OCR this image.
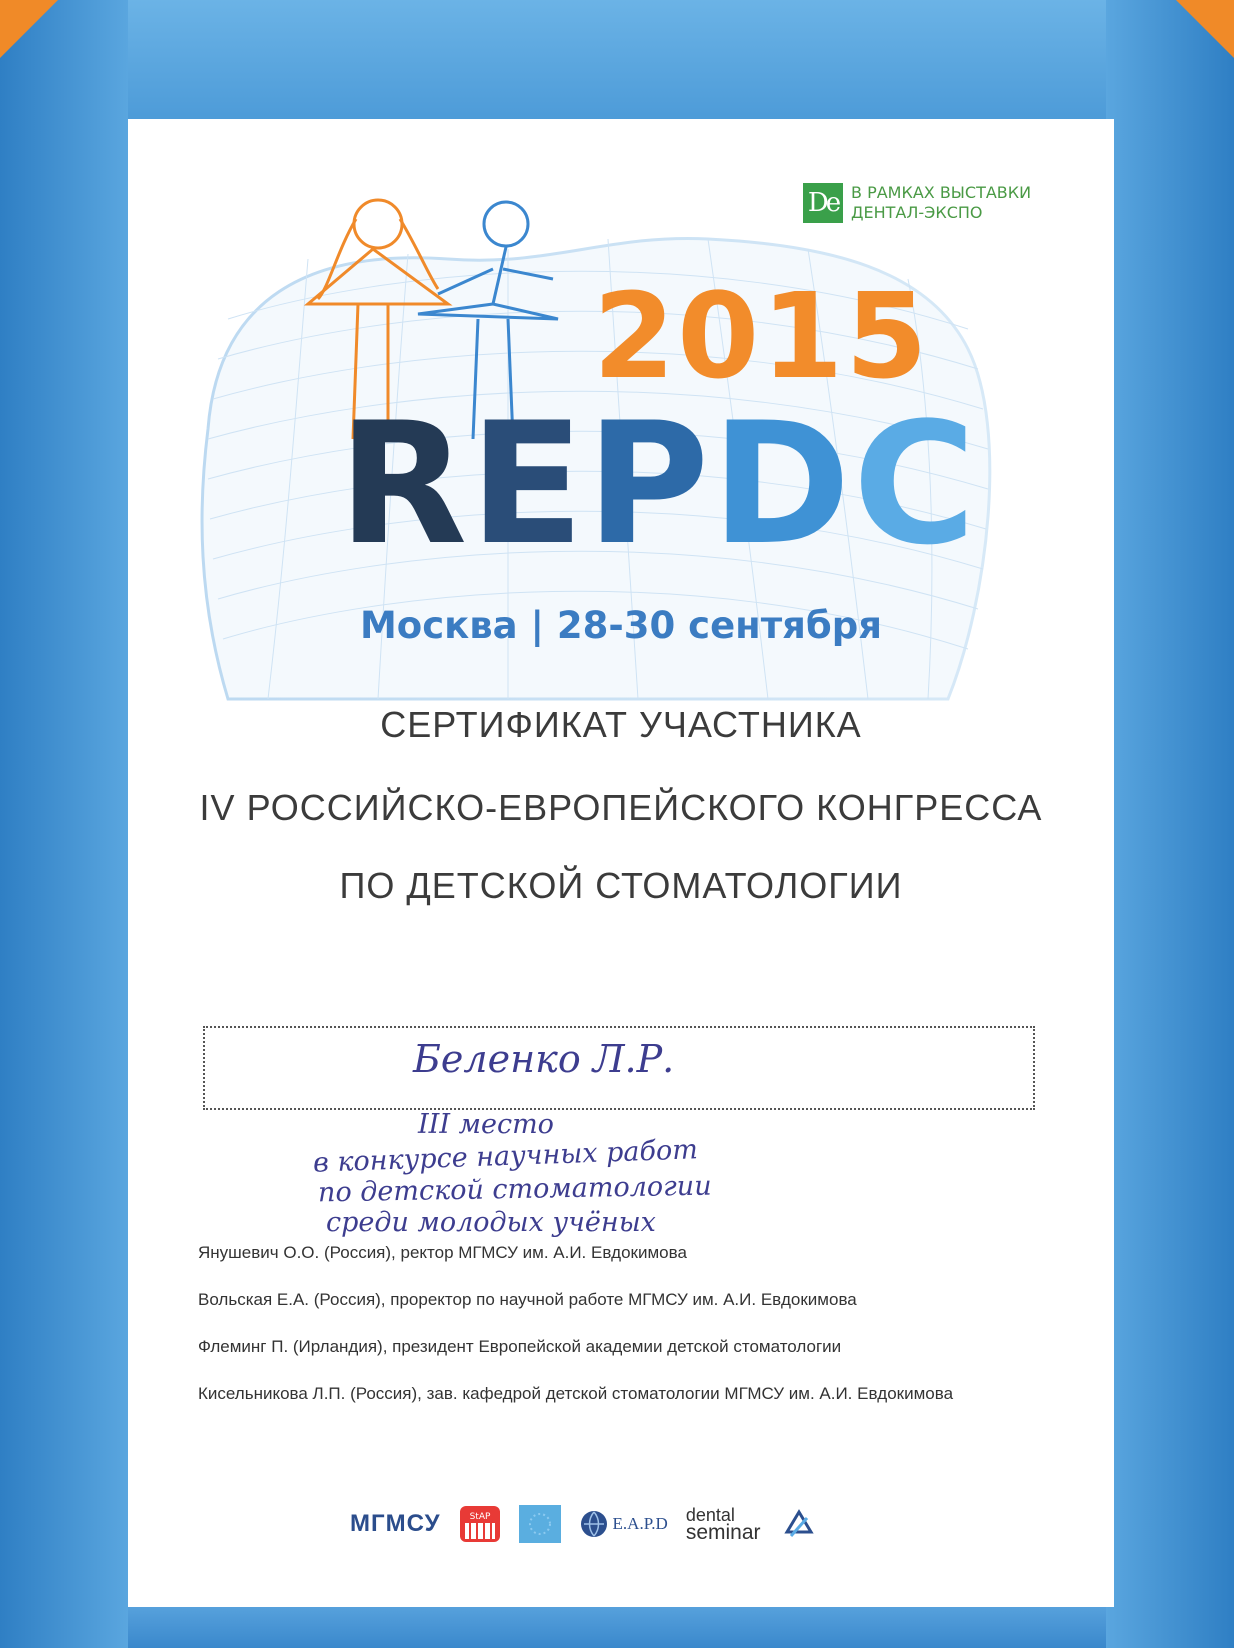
De В РАМКАХ ВЫСТАВКИ
ДЕНТАЛ-ЭКСПО
2015
REPDC
Москва | 28-30 сентября
СЕРТИФИКАТ УЧАСТНИКА
IV РОССИЙСКО-ЕВРОПЕЙСКОГО КОНГРЕССА
ПО ДЕТСКОЙ СТОМАТОЛОГИИ
Беленко Л.Р.
III место
в конкурсе научных работ
по детской стоматологии
среди молодых учёных
Янушевич О.О. (Россия), ректор МГМСУ им. А.И. Евдокимова
Вольская Е.А. (Россия), проректор по научной работе МГМСУ им. А.И. Евдокимова
Флеминг П. (Ирландия), президент Европейской академии детской стоматологии
Кисельникова Л.П. (Россия), зав. кафедрой детской стоматологии МГМСУ им. А.И. Евдокимова
МГМСУ	StAР	E.A.P.D dental
seminar
